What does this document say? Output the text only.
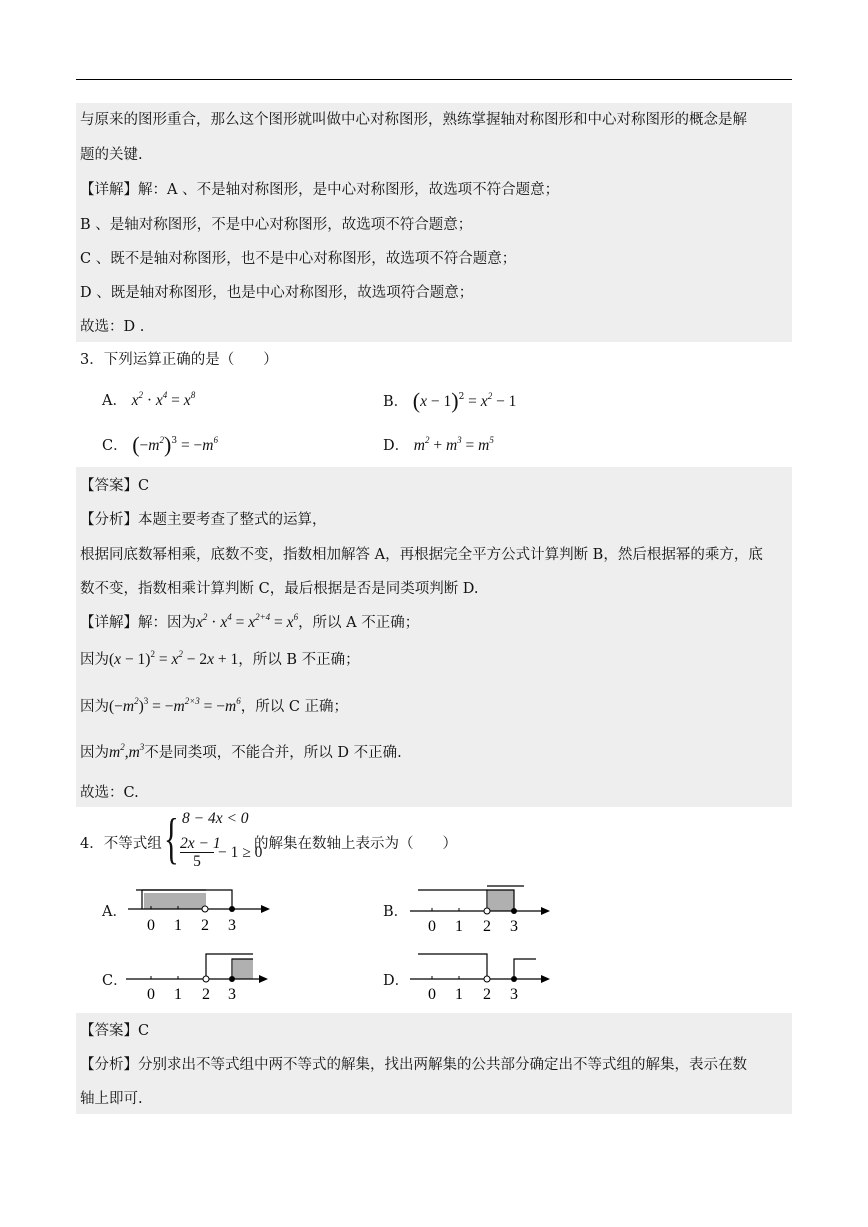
与原来的图形重合，那么这个图形就叫做中心对称图形，熟练掌握轴对称图形和中心对称图形的概念是解
题的关键.
【详解】解：A 、不是轴对称图形，是中心对称图形，故选项不符合题意；
B 、是轴对称图形，不是中心对称图形，故选项不符合题意；
C 、既不是轴对称图形，也不是中心对称图形，故选项不符合题意；
D 、既是轴对称图形，也是中心对称图形，故选项符合题意；
故选：D .
3．下列运算正确的是（　　）
A． $x^2 \cdot x^4 = x^8$	B． $(x - 1)^2 = x^2 - 1$
C． $(-m^2)^3 = -m^6$	D． $m^2 + m^3 = m^5$
【答案】C
【分析】本题主要考查了整式的运算，
根据同底数幂相乘，底数不变，指数相加解答 A，再根据完全平方公式计算判断 B，然后根据幂的乘方，底
数不变，指数相乘计算判断 C，最后根据是否是同类项判断 D.
【详解】解：因为$x^2 \cdot x^4 = x^{2+4} = x^6$，所以 A 不正确；
因为$(x - 1)^2 = x^2 - 2x + 1$，所以 B 不正确；
因为$(-m^2)^3 = -m^{2\times 3} = -m^6$，所以 C 正确；
因为$m^2,m^3$不是同类项，不能合并，所以 D 不正确.
故选：C.
4．不等式组 { 8 − 4x < 0
$\frac{2x - 1}{5} - 1 \ge 0$
的解集在数轴上表示为（　　）
A．
0 1 2 3
B．
0 1 2 3
C．
0 1 2 3
D．
0 1 2 3
【答案】C
【分析】分别求出不等式组中两不等式的解集，找出两解集的公共部分确定出不等式组的解集，表示在数
轴上即可.
